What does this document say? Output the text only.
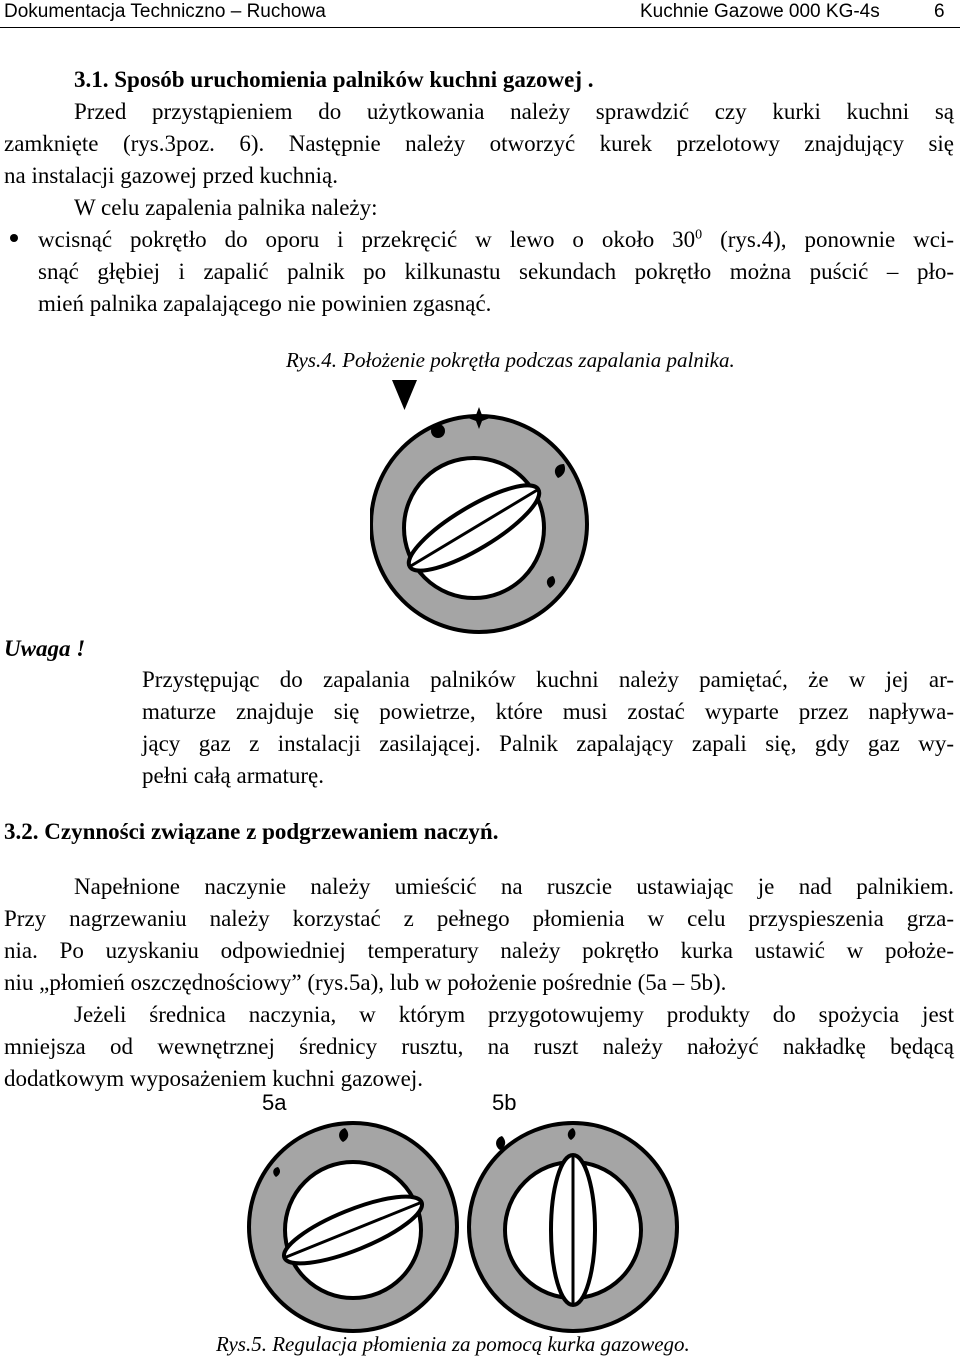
Dokumentacja Techniczno – Ruchowa	Kuchnie Gazowe 000 KG-4s	6
3.1. Sposób uruchomienia palników kuchni gazowej .
Przed przystąpieniem do użytkowania należy sprawdzić czy kurki kuchni są
zamknięte (rys.3poz. 6). Następnie należy otworzyć kurek przelotowy znajdujący się
na instalacji gazowej przed kuchnią.
W celu zapalenia palnika należy:
wcisnąć pokrętło do oporu i przekręcić w lewo o około $30^0$ (rys.4), ponownie wci-
snąć głębiej i zapalić palnik po kilkunastu sekundach pokrętło można puścić – pło-
mień palnika zapalającego nie powinien zgasnąć.
Rys.4. Położenie pokrętła podczas zapalania palnika.
Uwaga !
Przystępując do zapalania palników kuchni należy pamiętać, że w jej ar-
maturze znajduje się powietrze, które musi zostać wyparte przez napływa-
jący gaz z instalacji zasilającej. Palnik zapalający zapali się, gdy gaz wy-
pełni całą armaturę.
3.2. Czynności związane z podgrzewaniem naczyń.
Napełnione naczynie należy umieścić na ruszcie ustawiając je nad palnikiem.
Przy nagrzewaniu należy korzystać z pełnego płomienia w celu przyspieszenia grza-
nia. Po uzyskaniu odpowiedniej temperatury należy pokrętło kurka ustawić w położe-
niu „płomień oszczędnościowy” (rys.5a), lub w położenie pośrednie (5a – 5b).
Jeżeli średnica naczynia, w którym przygotowujemy produkty do spożycia jest
mniejsza od wewnętrznej średnicy rusztu, na ruszt należy nałożyć nakładkę będącą
dodatkowym wyposażeniem kuchni gazowej.
5a	5b
Rys.5. Regulacja płomienia za pomocą kurka gazowego.
